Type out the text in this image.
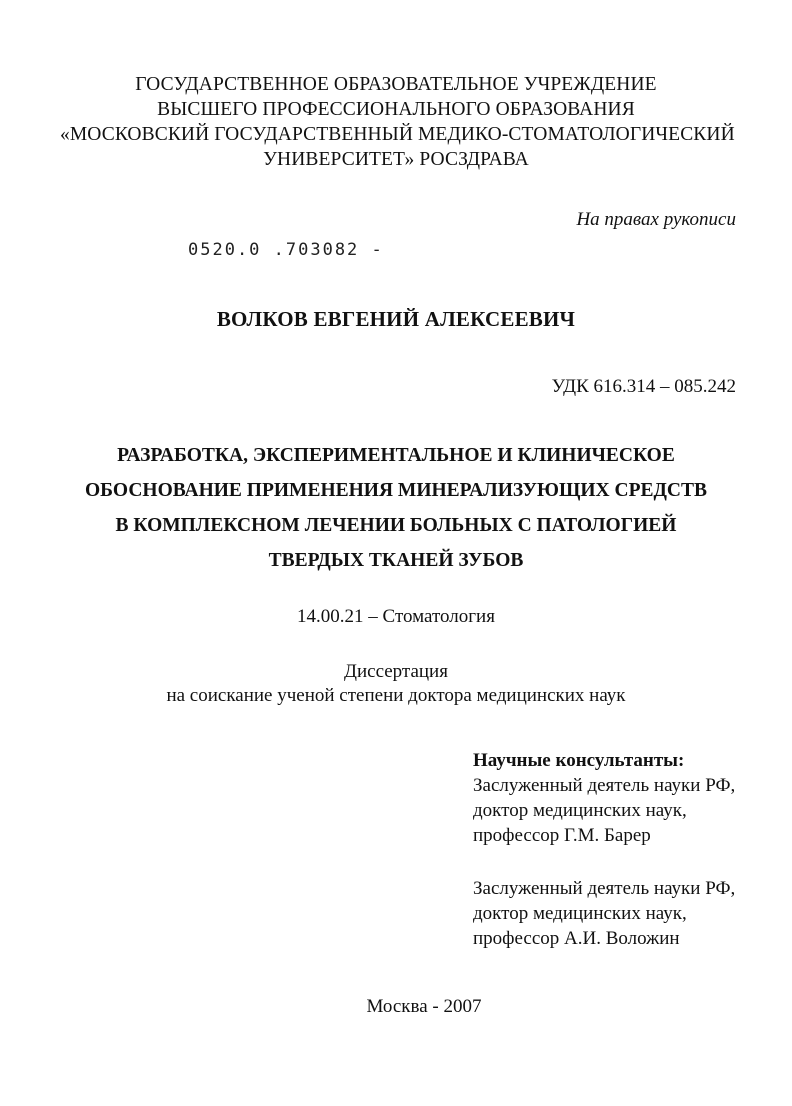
ГОСУДАРСТВЕННОЕ ОБРАЗОВАТЕЛЬНОЕ УЧРЕЖДЕНИЕ
ВЫСШЕГО ПРОФЕССИОНАЛЬНОГО ОБРАЗОВАНИЯ
«МОСКОВСКИЙ ГОСУДАРСТВЕННЫЙ МЕДИКО-СТОМАТОЛОГИЧЕСКИЙ
УНИВЕРСИТЕТ» РОСЗДРАВА
На правах рукописи
0520.0 .703082 -
ВОЛКОВ ЕВГЕНИЙ АЛЕКСЕЕВИЧ
УДК 616.314 – 085.242
РАЗРАБОТКА, ЭКСПЕРИМЕНТАЛЬНОЕ И КЛИНИЧЕСКОЕ
ОБОСНОВАНИЕ ПРИМЕНЕНИЯ МИНЕРАЛИЗУЮЩИХ СРЕДСТВ
В КОМПЛЕКСНОМ ЛЕЧЕНИИ БОЛЬНЫХ С ПАТОЛОГИЕЙ
ТВЕРДЫХ ТКАНЕЙ ЗУБОВ
14.00.21 – Стоматология
Диссертация
на соискание ученой степени доктора медицинских наук
Научные консультанты:
Заслуженный деятель науки РФ,
доктор медицинских наук,
профессор Г.М. Барер
Заслуженный деятель науки РФ,
доктор медицинских наук,
профессор А.И. Воложин
Москва - 2007
